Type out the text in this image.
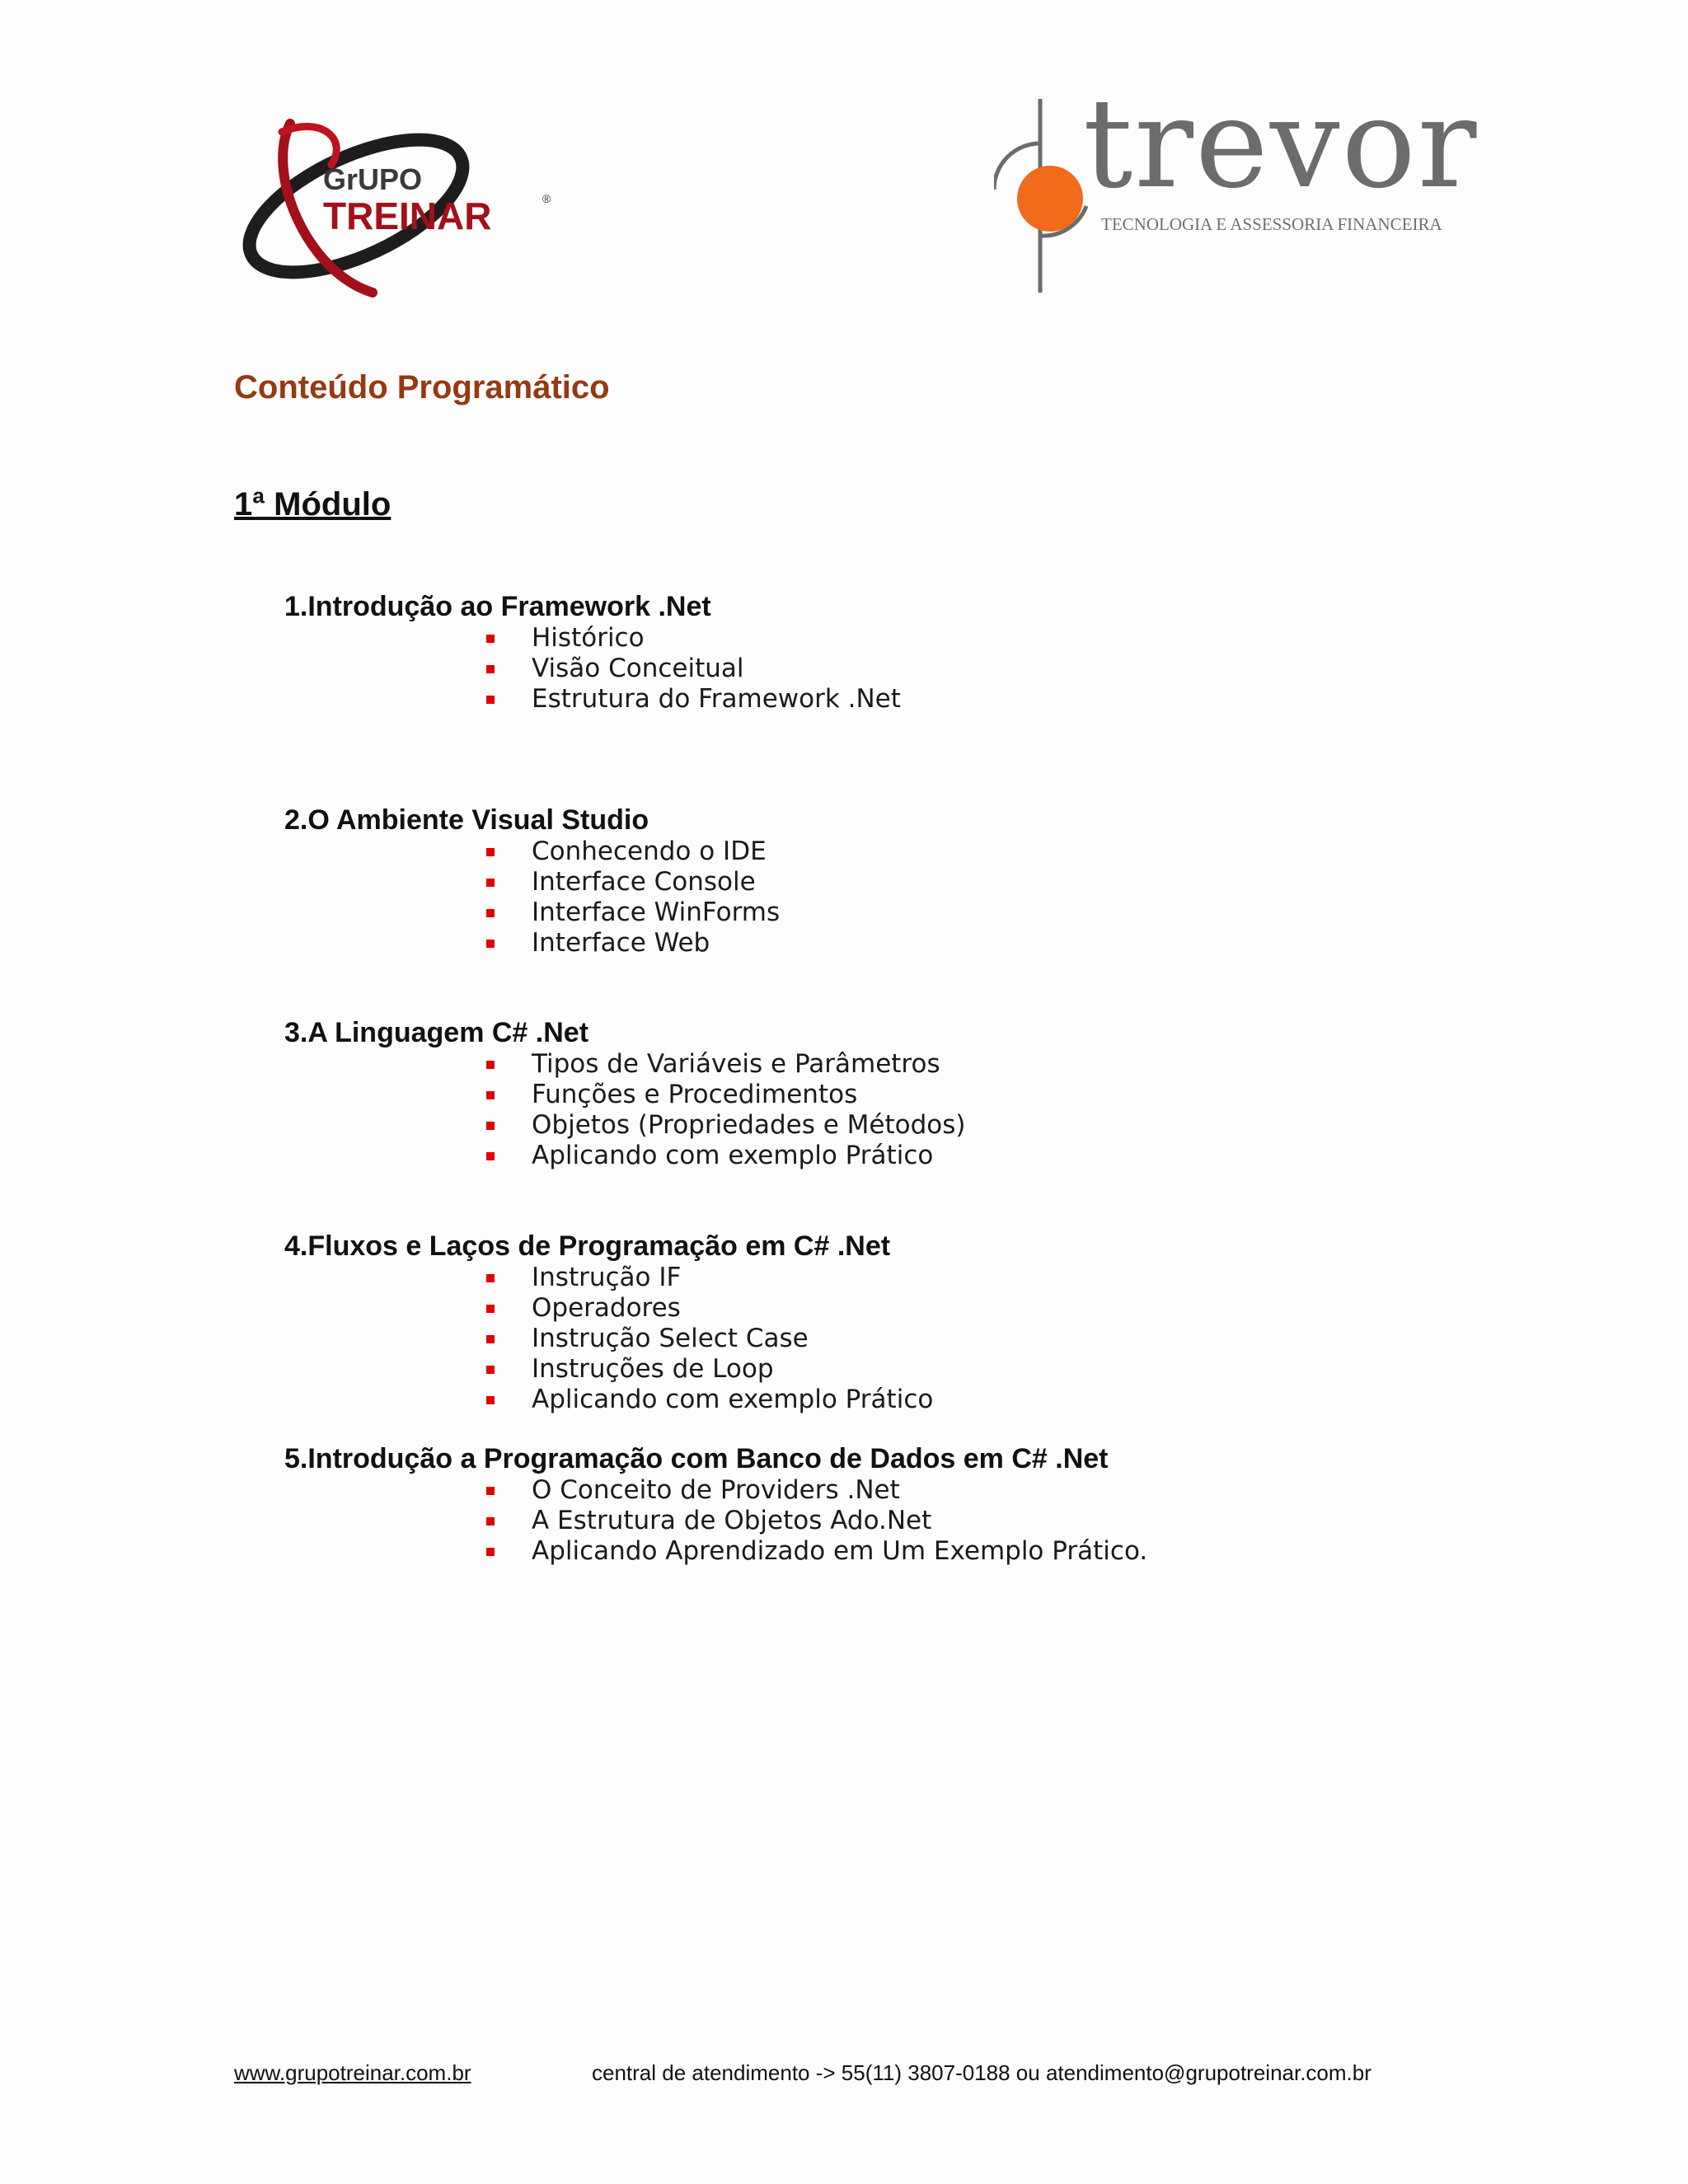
GrUPO
TREINAR	®	trevor
TECNOLOGIA E ASSESSORIA FINANCEIRA
Conteúdo Programático
1ª Módulo
1.Introdução ao Framework .Net
Histórico
Visão Conceitual
Estrutura do Framework .Net
2.O Ambiente Visual Studio
Conhecendo o IDE
Interface Console
Interface WinForms
Interface Web
3.A Linguagem C# .Net
Tipos de Variáveis e Parâmetros
Funções e Procedimentos
Objetos (Propriedades e Métodos)
Aplicando com exemplo Prático
4.Fluxos e Laços de Programação em C# .Net
Instrução IF
Operadores
Instrução Select Case
Instruções de Loop
Aplicando com exemplo Prático
5.Introdução a Programação com Banco de Dados em C# .Net
O Conceito de Providers .Net
A Estrutura de Objetos Ado.Net
Aplicando Aprendizado em Um Exemplo Prático.
www.grupotreinar.com.br	central de atendimento -> 55(11) 3807-0188 ou atendimento@grupotreinar.com.br
